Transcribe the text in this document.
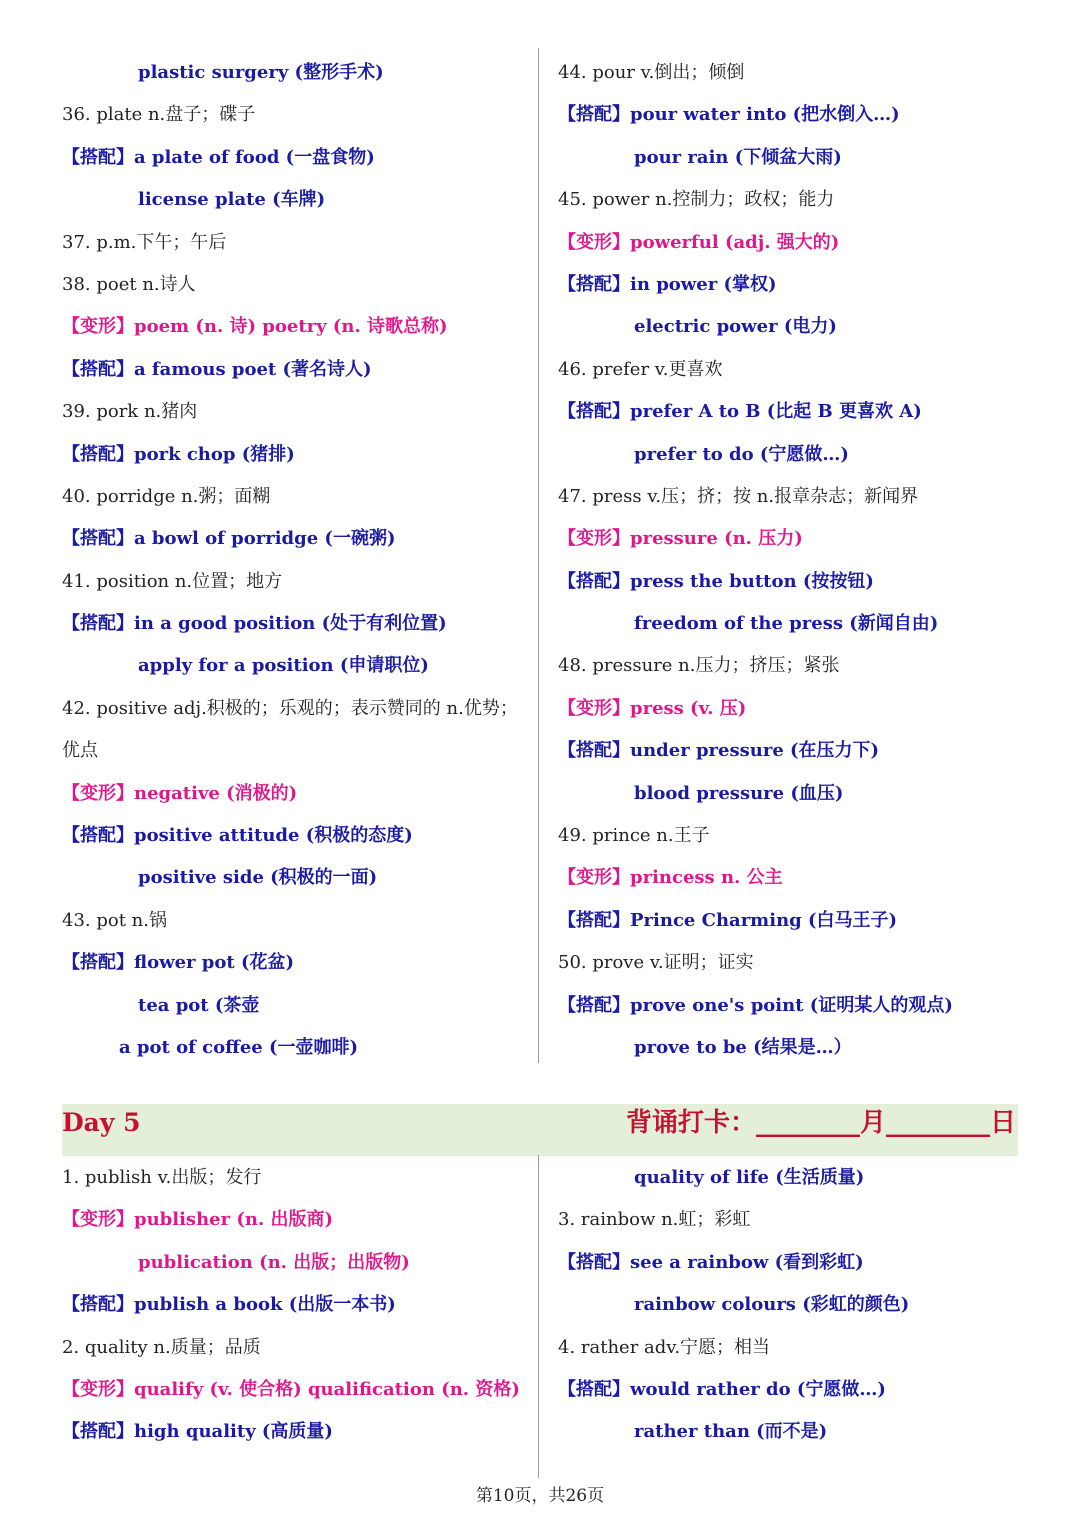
plastic surgery (整形手术)
36. plate n.盘子；碟子
【搭配】a plate of food (一盘食物)
license plate (车牌)
37. p.m.下午；午后
38. poet n.诗人
【变形】poem (n. 诗) poetry (n. 诗歌总称)
【搭配】a famous poet (著名诗人)
39. pork n.猪肉
【搭配】pork chop (猪排)
40. porridge n.粥；面糊
【搭配】a bowl of porridge (一碗粥)
41. position n.位置；地方
【搭配】in a good position (处于有利位置)
apply for a position (申请职位)
42. positive adj.积极的；乐观的；表示赞同的 n.优势；
优点
【变形】negative (消极的)
【搭配】positive attitude (积极的态度)
positive side (积极的一面)
43. pot n.锅
【搭配】flower pot (花盆)
tea pot (茶壶
a pot of coffee (一壶咖啡)
44. pour v.倒出；倾倒
【搭配】pour water into (把水倒入…)
pour rain (下倾盆大雨)
45. power n.控制力；政权；能力
【变形】powerful (adj. 强大的)
【搭配】in power (掌权)
electric power (电力)
46. prefer v.更喜欢
【搭配】prefer A to B (比起 B 更喜欢 A)
prefer to do (宁愿做…)
47. press v.压；挤；按 n.报章杂志；新闻界
【变形】pressure (n. 压力)
【搭配】press the button (按按钮)
freedom of the press (新闻自由)
48. pressure n.压力；挤压；紧张
【变形】press (v. 压)
【搭配】under pressure (在压力下)
blood pressure (血压)
49. prince n.王子
【变形】princess n. 公主
【搭配】Prince Charming (白马王子)
50. prove v.证明；证实
【搭配】prove one's point (证明某人的观点)
prove to be (结果是…）
Day 5	背诵打卡：________月________日
1. publish v.出版；发行
【变形】publisher (n. 出版商)
publication (n. 出版；出版物)
【搭配】publish a book (出版一本书)
2. quality n.质量；品质
【变形】qualify (v. 使合格) qualification (n. 资格)
【搭配】high quality (高质量)
quality of life (生活质量)
3. rainbow n.虹；彩虹
【搭配】see a rainbow (看到彩虹)
rainbow colours (彩虹的颜色)
4. rather adv.宁愿；相当
【搭配】would rather do (宁愿做…)
rather than (而不是)
第10页，共26页
